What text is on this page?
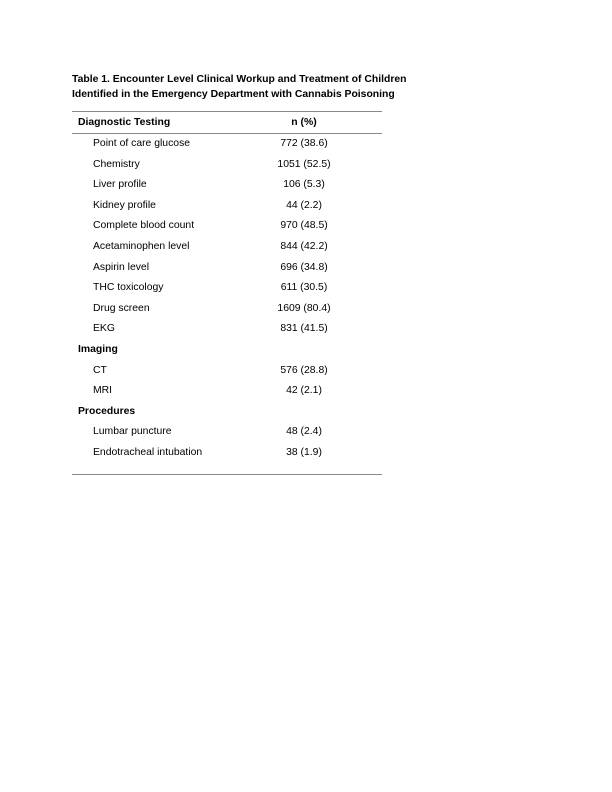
Table 1. Encounter Level Clinical Workup and Treatment of Children
Identified in the Emergency Department with Cannabis Poisoning
Diagnostic Testing	n (%)
Point of care glucose	772 (38.6)
Chemistry	1051 (52.5)
Liver profile	106 (5.3)
Kidney profile	44 (2.2)
Complete blood count	970 (48.5)
Acetaminophen level	844 (42.2)
Aspirin level	696 (34.8)
THC toxicology	611 (30.5)
Drug screen	1609 (80.4)
EKG	831 (41.5)
Imaging
CT	576 (28.8)
MRI	42 (2.1)
Procedures
Lumbar puncture	48 (2.4)
Endotracheal intubation	38 (1.9)
